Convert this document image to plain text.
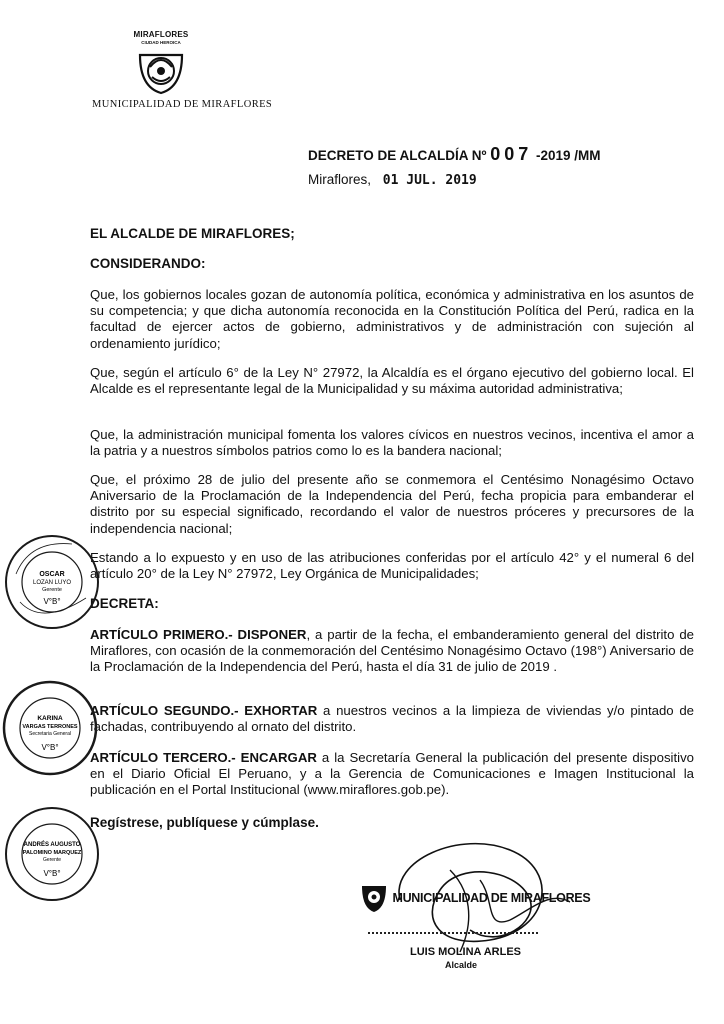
MIRAFLORES
CIUDAD HEROICA
MUNICIPALIDAD DE MIRAFLORES
DECRETO DE ALCALDÍA Nº 007 -2019 /MM
Miraflores, 01 JUL. 2019
EL ALCALDE DE MIRAFLORES;
CONSIDERANDO:
Que, los gobiernos locales gozan de autonomía política, económica y administrativa en los asuntos de su competencia; y que dicha autonomía reconocida en la Constitución Política del Perú, radica en la facultad de ejercer actos de gobierno, administrativos y de administración con sujeción al ordenamiento jurídico;
Que, según el artículo 6° de la Ley N° 27972, la Alcaldía es el órgano ejecutivo del gobierno local. El Alcalde es el representante legal de la Municipalidad y su máxima autoridad administrativa;
Que, la administración municipal fomenta los valores cívicos en nuestros vecinos, incentiva el amor a la patria y a nuestros símbolos patrios como lo es la bandera nacional;
Que, el próximo 28 de julio del presente año se conmemora el Centésimo Nonagésimo Octavo Aniversario de la Proclamación de la Independencia del Perú, fecha propicia para embanderar el distrito por su especial significado, recordando el valor de nuestros próceres y precursores de la independencia nacional;
Estando a lo expuesto y en uso de las atribuciones conferidas por el artículo 42° y el numeral 6 del artículo 20° de la Ley N° 27972, Ley Orgánica de Municipalidades;
DECRETA:
ARTÍCULO PRIMERO.- DISPONER, a partir de la fecha, el embanderamiento general del distrito de Miraflores, con ocasión de la conmemoración del Centésimo Nonagésimo Octavo (198°) Aniversario de la Proclamación de la Independencia del Perú, hasta el día 31 de julio de 2019 .
ARTÍCULO SEGUNDO.- EXHORTAR a nuestros vecinos a la limpieza de viviendas y/o pintado de fachadas, contribuyendo al ornato del distrito.
ARTÍCULO TERCERO.- ENCARGAR a la Secretaría General la publicación del presente dispositivo en el Diario Oficial El Peruano, y a la Gerencia de Comunicaciones e Imagen Institucional la publicación en el Portal Institucional (www.miraflores.gob.pe).
Regístrese, publíquese y cúmplase.
OSCAR
LOZAN LUYO
Gerente
V°B°
KARINA
VARGAS TERRONES
Secretaria General
V°B°
ANDRÉS AUGUSTO
PALOMINO MARQUEZ
Gerente
V°B°
MUNICIPALIDAD DE MIRAFLORES
LUIS MOLINA ARLES
Alcalde
